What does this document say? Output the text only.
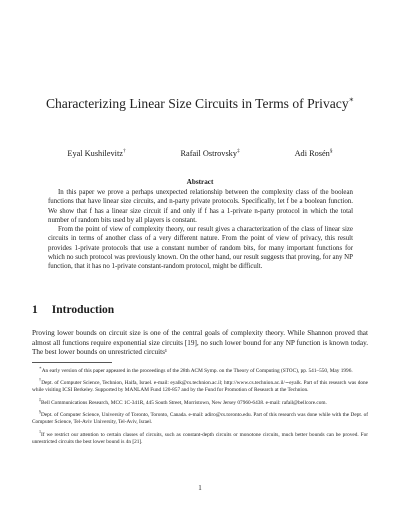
Characterizing Linear Size Circuits in Terms of Privacy∗
Eyal Kushilevitz†	Rafail Ostrovsky‡	Adi Rosén§
Abstract

In this paper we prove a perhaps unexpected relationship between the complexity class of the boolean functions that have linear size circuits, and n-party private protocols. Specifically, let f be a boolean function. We show that f has a linear size circuit if and only if f has a 1-private n-party protocol in which the total number of random bits used by all players is constant.

From the point of view of complexity theory, our result gives a characterization of the class of linear size circuits in terms of another class of a very different nature. From the point of view of privacy, this result provides 1-private protocols that use a constant number of random bits, for many important functions for which no such protocol was previously known. On the other hand, our result suggests that proving, for any NP function, that it has no 1-private constant-random protocol, might be difficult.

1 Introduction

Proving lower bounds on circuit size is one of the central goals of complexity theory. While Shannon proved that almost all functions require exponential size circuits [19], no such lower bound for any NP function is known today. The best lower bounds on unrestricted circuits¹

∗An early version of this paper appeared in the proceedings of the 28th ACM Symp. on the Theory of Computing (STOC), pp. 541–550, May 1996.

†Dept. of Computer Science, Technion, Haifa, Israel. e-mail: eyalk@cs.technion.ac.il; http://www.cs.technion.ac.il/∼eyalk. Part of this research was done while visiting ICSI Berkeley. Supported by MANLAM Fund 120-857 and by the Fund for Promotion of Research at the Technion.

‡Bell Communications Research, MCC 1C-341R, 445 South Street, Morristown, New Jersey 07960-6438. e-mail: rafail@bellcore.com.

§Dept. of Computer Science, University of Toronto, Toronto, Canada. e-mail: adiro@cs.toronto.edu. Part of this research was done while with the Dept. of Computer Science, Tel-Aviv University, Tel-Aviv, Israel.

$^1$If we restrict our attention to certain classes of circuits, such as constant-depth circuits or monotone circuits, much better bounds can be proved. For unrestricted circuits the best lower bound is 4n [21].

1
